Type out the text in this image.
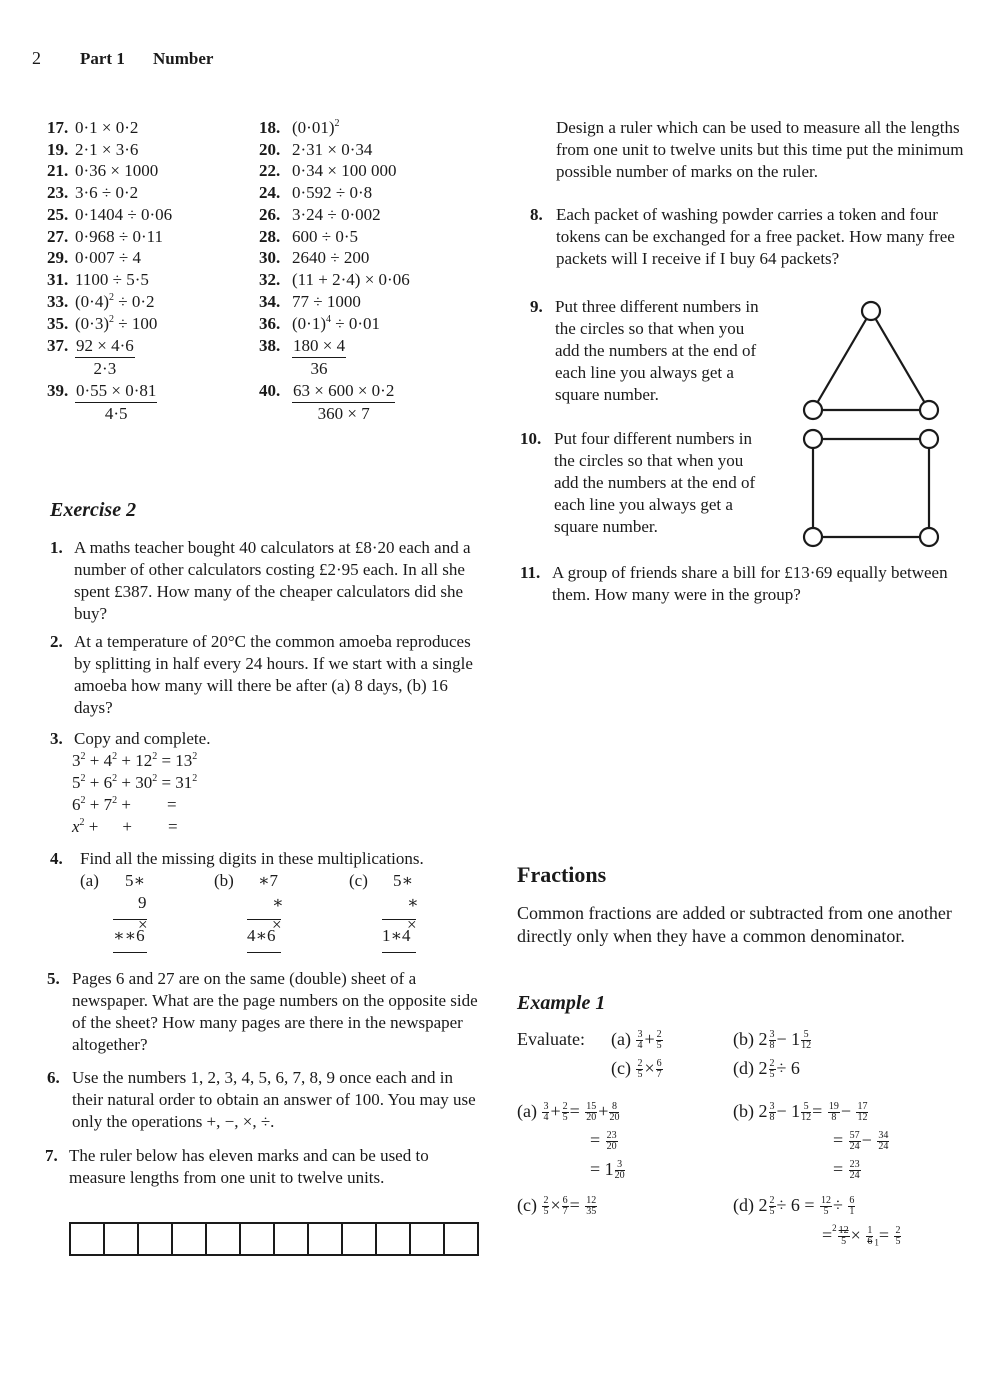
2 Part 1 Number
17. 0·1 × 0·2
19. 2·1 × 3·6
21. 0·36 × 1000
23. 3·6 ÷ 0·2
25. 0·1404 ÷ 0·06
27. 0·968 ÷ 0·11
29. 0·007 ÷ 4
31. 1100 ÷ 5·5
33. $(0\cdot 4)^2 \div 0\cdot 2$
35. $(0\cdot 3)^2 \div 100$
37. $\frac{92 \times 4\cdot 6}{2\cdot 3}$
39. $\frac{0\cdot 55 \times 0\cdot 81}{4\cdot 5}$
18. $(0\cdot 01)^2$
20. 2·31 × 0·34
22. 0·34 × 100 000
24. 0·592 ÷ 0·8
26. 3·24 ÷ 0·002
28. 600 ÷ 0·5
30. 2640 ÷ 200
32. (11 + 2·4) × 0·06
34. 77 ÷ 1000
36. $(0\cdot 1)^4 \div 0\cdot 01$
38. $\frac{180 \times 4}{36}$
40. $\frac{63 \times 600 \times 0\cdot 2}{360 \times 7}$
Exercise 2
1. A maths teacher bought 40 calculators at £8·20 each and a number of other calculators costing £2·95 each. In all she spent £387. How many of the cheaper calculators did she buy?
2. At a temperature of 20°C the common amoeba reproduces by splitting in half every 24 hours. If we start with a single amoeba how many will there be after (a) 8 days, (b) 16 days?
3. Copy and complete.
$3^2 + 4^2 + 12^2 = 13^2$
$5^2 + 6^2 + 30^2 = 31^2$
$6^2 + 7^2$ + =
$x^2$ + + =
4. Find all the missing digits in these multiplications.
(a) 5∗
9 ×
∗∗6
(b) ∗7
∗ ×
4∗6
(c) 5∗
∗ ×
1∗4
5. Pages 6 and 27 are on the same (double) sheet of a newspaper. What are the page numbers on the opposite side of the sheet? How many pages are there in the newspaper altogether?
6. Use the numbers 1, 2, 3, 4, 5, 6, 7, 8, 9 once each and in their natural order to obtain an answer of 100. You may use only the operations +, −, ×, ÷.
7. The ruler below has eleven marks and can be used to measure lengths from one unit to twelve units.
Design a ruler which can be used to measure all the lengths from one unit to twelve units but this time put the minimum possible number of marks on the ruler.
8. Each packet of washing powder carries a token and four tokens can be exchanged for a free packet. How many free packets will I receive if I buy 64 packets?
9. Put three different numbers in the circles so that when you add the numbers at the end of each line you always get a square number.
10. Put four different numbers in the circles so that when you add the numbers at the end of each line you always get a square number.
11. A group of friends share a bill for £13·69 equally between them. How many were in the group?
Fractions
Common fractions are added or subtracted from one another directly only when they have a common denominator.
Example 1
Evaluate: $(a) \frac{3}{4} + \frac{2}{5}$	(b) $2 \frac{3}{8} - 1 \frac{5}{12}$
$(c) \frac{2}{5} \times \frac{6}{7}$	(d) $2 \frac{2}{5} \div 6$
$(a) \frac{3}{4} + \frac{2}{5} = \frac{15}{20} + \frac{8}{20}$
= $\frac{23}{20}$
= $1 \frac{3}{20}$
(b) $2 \frac{3}{8} - 1 \frac{5}{12} = \frac{19}{8} - \frac{17}{12}$
= $\frac{57}{24} - \frac{34}{24}$
= $\frac{23}{24}$
$(c) \frac{2}{5} \times \frac{6}{7} = \frac{12}{35}$	(d) $2 \frac{2}{5} \div 6 = \frac{12}{5} \div \frac{6}{1}$
$=^2 \frac{12}{5} \times \frac{1}{6} _1= \frac{2}{5}$
